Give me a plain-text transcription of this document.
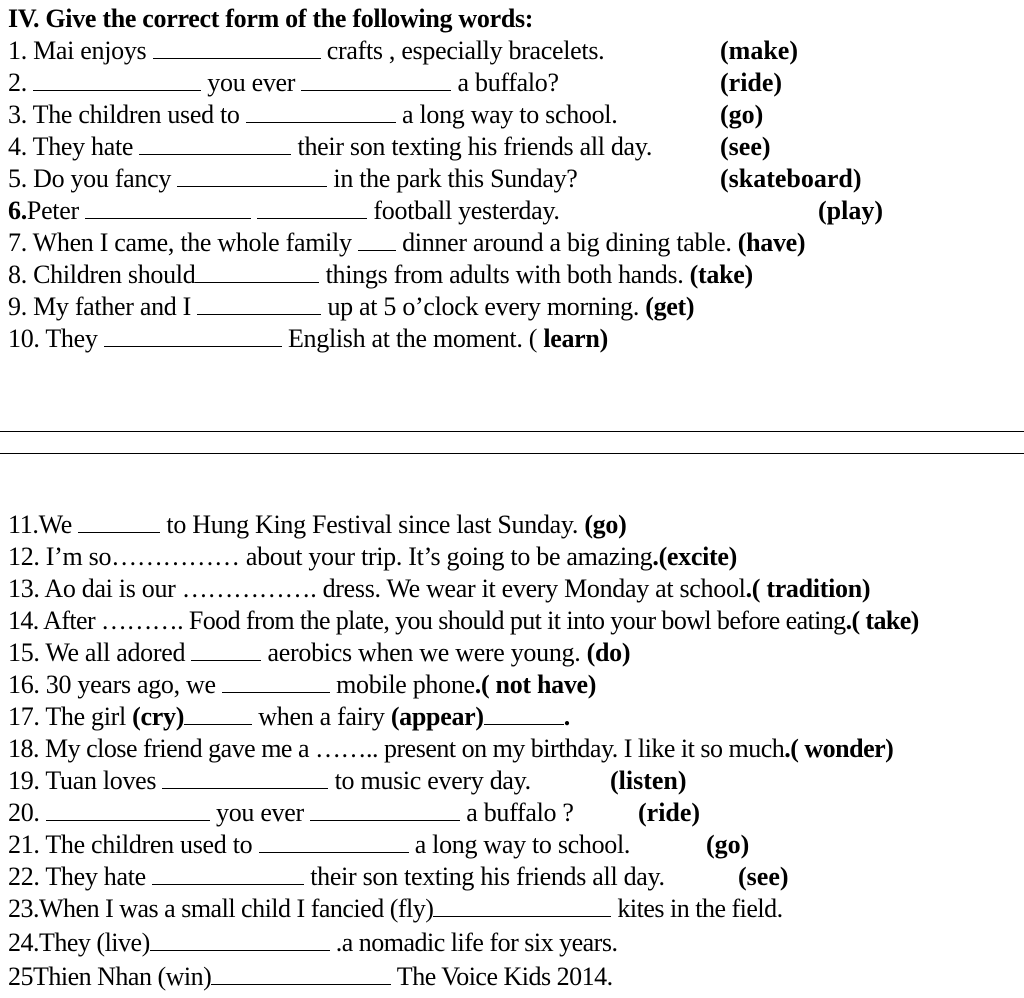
IV. Give the correct form of the following words:
1. Mai enjoys	crafts , especially bracelets.	(make)
2.	you ever	a buffalo?	(ride)
3. The children used to	a long way to school.	(go)
4. They hate	their son texting his friends all day.	(see)
5. Do you fancy	in the park this Sunday?	(skateboard)
6.Peter	football yesterday.	(play)
7. When I came, the whole family  dinner around a big dining table. (have)
8. Children should	things from adults with both hands. (take)
9. My father and I	up at 5 o’clock every morning. (get)
10. They	English at the moment. ( learn)
11.We	to Hung King Festival since last Sunday. (go)
12. I’m so…………… about your trip. It’s going to be amazing.(excite)
13. Ao dai is our ……………. dress. We wear it every Monday at school.( tradition)
14. After ………. Food from the plate, you should put it into your bowl before eating.( take)
15. We all adored	aerobics when we were young. (do)
16. 30 years ago, we	mobile phone.( not have)
17. The girl (cry)	when a fairy (appear)	.
18. My close friend gave me a …….. present on my birthday. I like it so much.( wonder)
19. Tuan loves	to music every day.	(listen)
20.	you ever	a buffalo ? (ride)
21. The children used to	a long way to school.	(go)
22. They hate	their son texting his friends all day.	(see)
23.When I was a small child I fancied (fly)	kites in the field.
24.They (live)	.a nomadic life for six years.
25Thien Nhan (win)	The Voice Kids 2014.
